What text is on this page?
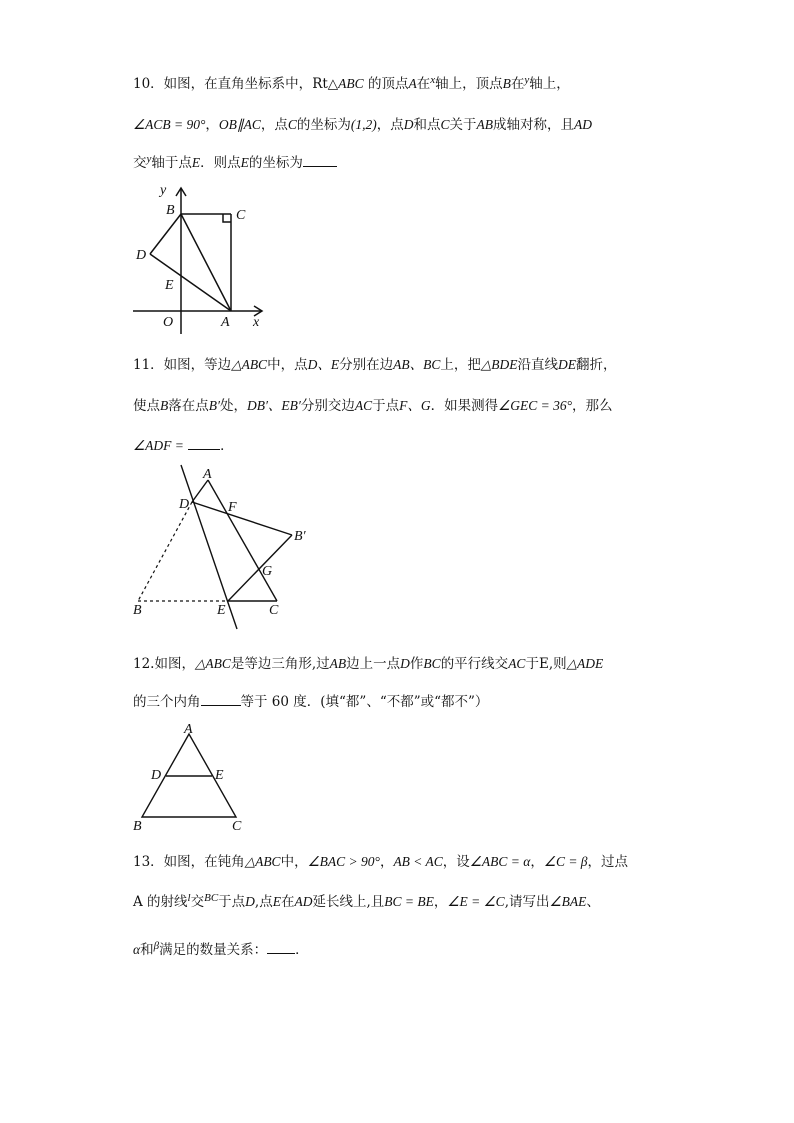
10．如图，在直角坐标系中，Rt△ABC 的顶点A在$^x$轴上，顶点B在$^y$轴上，
∠ACB = 90°，OB∥AC，点C的坐标为(1,2)，点D和点C关于AB成轴对称，且AD
交$^y$轴于点E．则点E的坐标为
y
B	C
D
E
O	A x
11．如图，等边△ABC中，点D、E分别在边AB、BC上，把△BDE沿直线DE翻折，
使点B落在点B′处，DB′、EB′分别交边AC于点F、G．如果测得∠GEC = 36°，那么
∠ADF =	．
A
D	F
B′
G
B	E	C
12.如图，△ABC是等边三角形,过AB边上一点D作BC的平行线交AC于E,则△ADE
的三个内角	等于 60 度．(填“都”、“不都”或“都不”）
A
D	E
B	C
13．如图，在钝角△ABC中，∠BAC > 90°，AB < AC，设∠ABC = α，∠C = β，过点
A 的射线$^l$交$^{BC}$于点D,点E在AD延长线上,且BC = BE，∠E = ∠C,请写出∠BAE、
α和$^\beta$满足的数量关系： ．
